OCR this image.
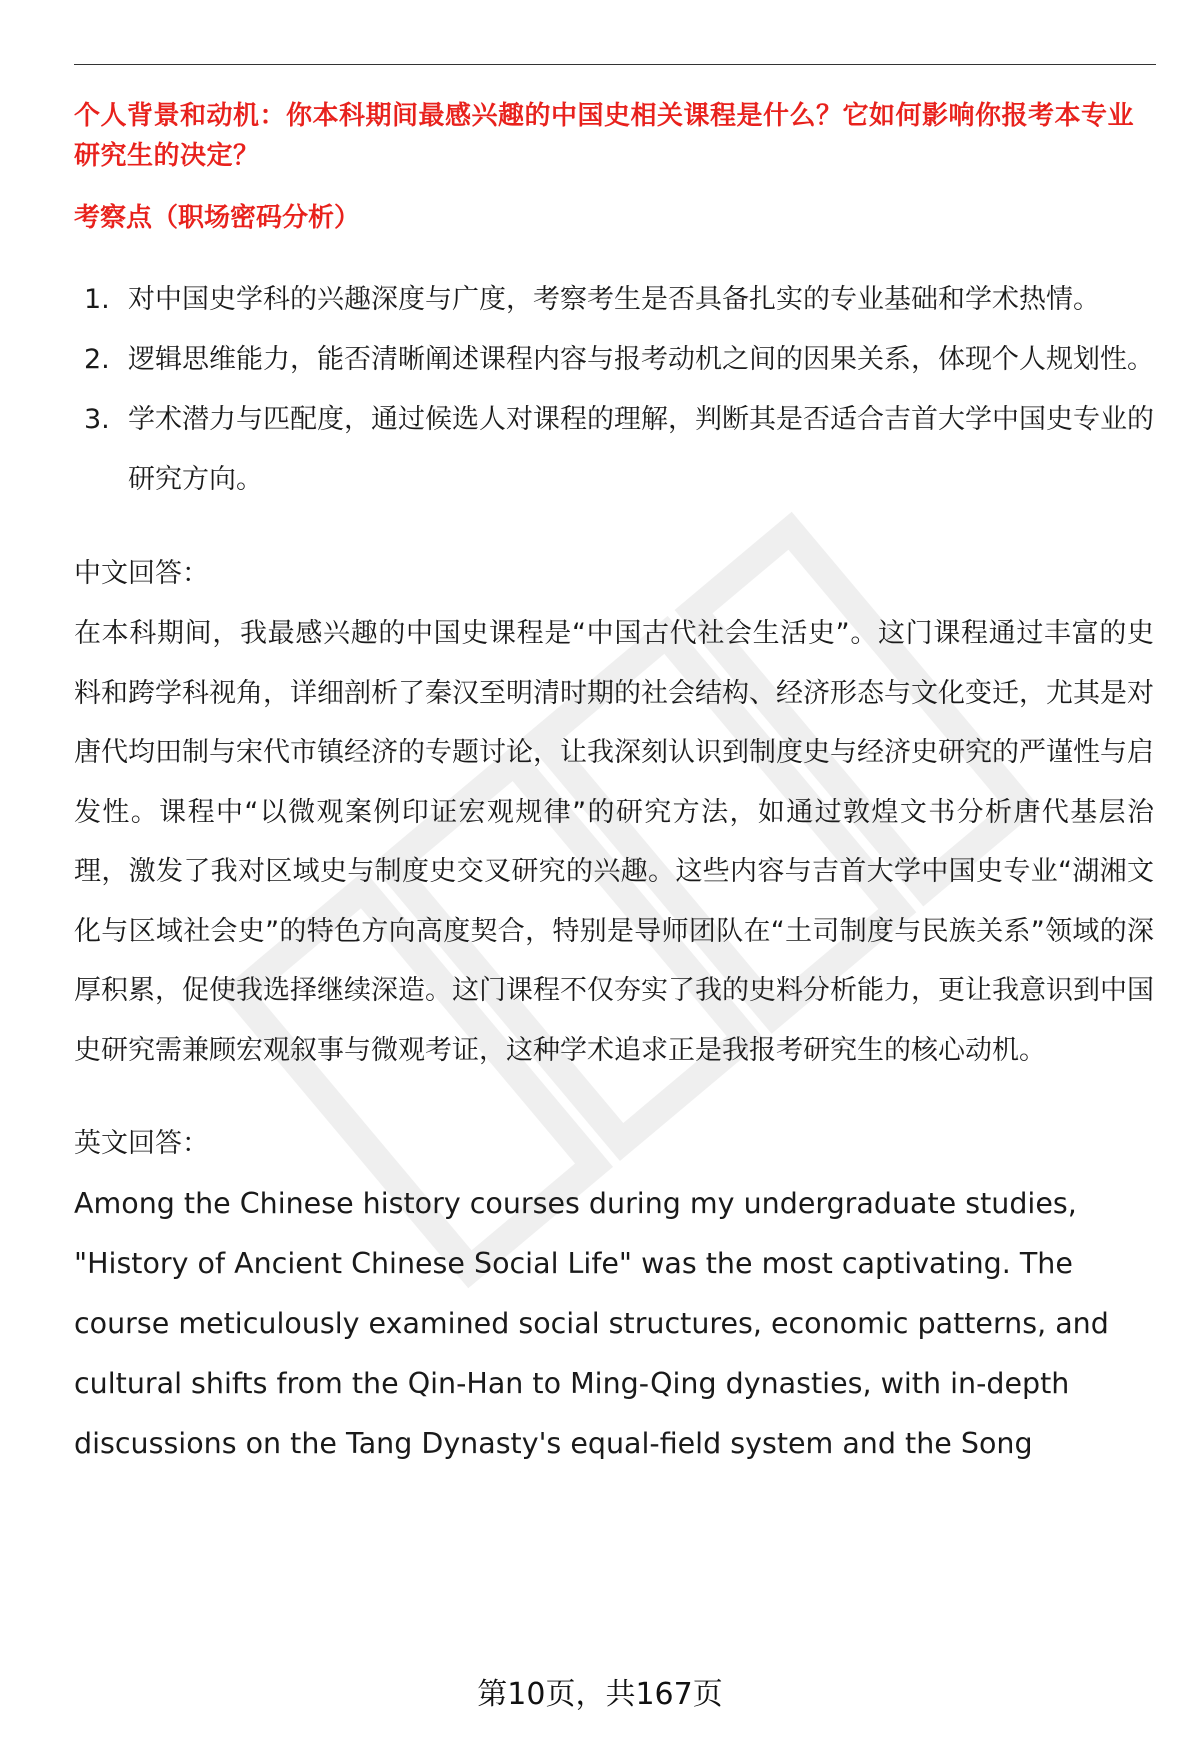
个人背景和动机：你本科期间最感兴趣的中国史相关课程是什么？它如何影响你报考本专业研究生的决定？

考察点（职场密码分析）

1. 对中国史学科的兴趣深度与广度，考察考生是否具备扎实的专业基础和学术热情。
2. 逻辑思维能力，能否清晰阐述课程内容与报考动机之间的因果关系，体现个人规划性。
3. 学术潜力与匹配度，通过候选人对课程的理解，判断其是否适合吉首大学中国史专业的研究方向。

中文回答：

在本科期间，我最感兴趣的中国史课程是“中国古代社会生活史”。这门课程通过丰富的史料和跨学科视角，详细剖析了秦汉至明清时期的社会结构、经济形态与文化变迁，尤其是对唐代均田制与宋代市镇经济的专题讨论，让我深刻认识到制度史与经济史研究的严谨性与启发性。课程中“以微观案例印证宏观规律”的研究方法，如通过敦煌文书分析唐代基层治理，激发了我对区域史与制度史交叉研究的兴趣。这些内容与吉首大学中国史专业“湖湘文化与区域社会史”的特色方向高度契合，特别是导师团队在“土司制度与民族关系”领域的深厚积累，促使我选择继续深造。这门课程不仅夯实了我的史料分析能力，更让我意识到中国史研究需兼顾宏观叙事与微观考证，这种学术追求正是我报考研究生的核心动机。

英文回答：

Among the Chinese history courses during my undergraduate studies, "History of Ancient Chinese Social Life" was the most captivating. The course meticulously examined social structures, economic patterns, and cultural shifts from the Qin-Han to Ming-Qing dynasties, with in-depth discussions on the Tang Dynasty's equal-field system and the Song

第10页，共167页
